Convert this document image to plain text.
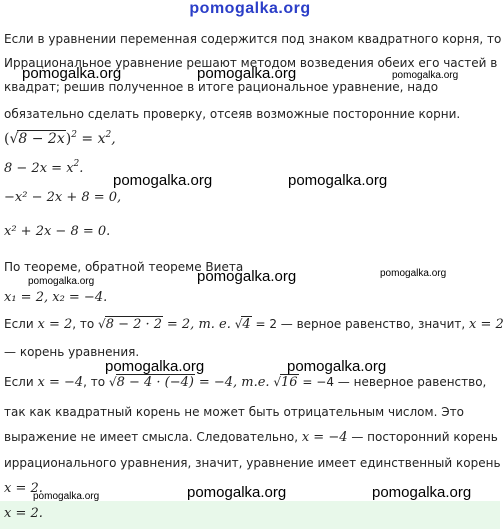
pomogalka.org
Если в уравнении переменная содержится под знаком квадратного корня, то
Иррациональное уравнение решают методом возведения обеих его частей в
квадрат; решив полученное в итоге рациональное уравнение, надо
обязательно сделать проверку, отсеяв возможные посторонние корни.
$(√8 - 2x)^2 = x^2$,
$8 - 2x = x^2$.
−x² − 2x + 8 = 0,
x² + 2x − 8 = 0.
По теореме, обратной теореме Виета
x₁ = 2, x₂ = −4.
Если x = 2, то √8 − 2 · 2 = 2, т. е. √4 = 2 — верное равенство, значит, x = 2
— корень уравнения.
Если x = −4, то √8 − 4 · (−4) = −4, т.е. √16 = −4 — неверное равенство,
так как квадратный корень не может быть отрицательным числом. Это
выражение не имеет смысла. Следовательно, x = −4 — посторонний корень
иррационального уравнения, значит, уравнение имеет единственный корень
x = 2.
x = 2.
pomogalka.org	pomogalka.org	pomogalka.org
pomogalka.org	pomogalka.org
pomogalka.org	pomogalka.org
pomogalka.org
pomogalka.org	pomogalka.org
pomogalka.org	pomogalka.org	pomogalka.org
